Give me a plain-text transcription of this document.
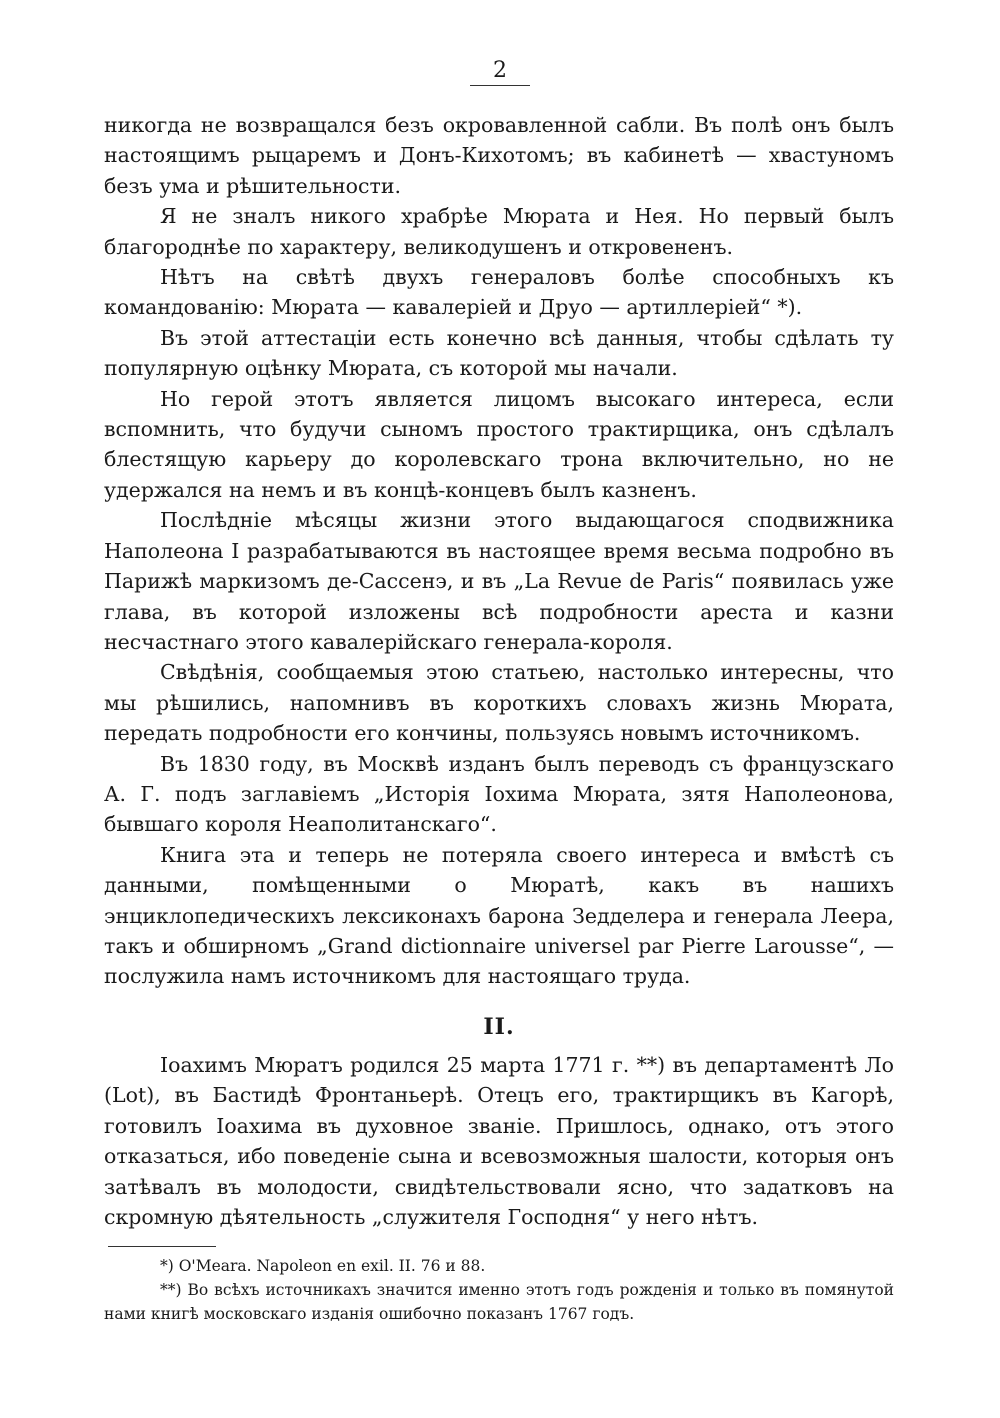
2

никогда не возвращался безъ окровавленной сабли. Въ полѣ онъ былъ настоящимъ рыцаремъ и Донъ-Кихотомъ; въ кабинетѣ — хвастуномъ безъ ума и рѣшительности.

Я не зналъ никого храбрѣе Мюрата и Нея. Но первый былъ благороднѣе по характеру, великодушенъ и откровененъ.

Нѣтъ на свѣтѣ двухъ генераловъ болѣе способныхъ къ командованію: Мюрата — кавалеріей и Друо — артиллеріей“ *).

Въ этой аттестаціи есть конечно всѣ данныя, чтобы сдѣлать ту популярную оцѣнку Мюрата, съ которой мы начали.

Но герой этотъ является лицомъ высокаго интереса, если вспомнить, что будучи сыномъ простого трактирщика, онъ сдѣлалъ блестящую карьеру до королевскаго трона включительно, но не удержался на немъ и въ концѣ-концевъ былъ казненъ.

Послѣдніе мѣсяцы жизни этого выдающагося сподвижника Наполеона I разрабатываются въ настоящее время весьма подробно въ Парижѣ маркизомъ де-Сассенэ, и въ „La Revue de Paris“ появилась уже глава, въ которой изложены всѣ подробности ареста и казни несчастнаго этого кавалерійскаго генерала-короля.

Свѣдѣнія, сообщаемыя этою статьею, настолько интересны, что мы рѣшились, напомнивъ въ короткихъ словахъ жизнь Мюрата, передать подробности его кончины, пользуясь новымъ источникомъ.

Въ 1830 году, въ Москвѣ изданъ былъ переводъ съ французскаго А. Г. подъ заглавіемъ „Исторія Іохима Мюрата, зятя Наполеонова, бывшаго короля Неаполитанскаго“.

Книга эта и теперь не потеряла своего интереса и вмѣстѣ съ данными, помѣщенными о Мюратѣ, какъ въ нашихъ энциклопедическихъ лексиконахъ барона Зедделера и генерала Леера, такъ и обширномъ „Grand dictionnaire universel par Pierre Larousse“, — послужила намъ источникомъ для настоящаго труда.

II.

Іоахимъ Мюратъ родился 25 марта 1771 г. **) въ департаментѣ Ло (Lot), въ Бастидѣ Фронтаньерѣ. Отецъ его, трактирщикъ въ Кагорѣ, готовилъ Іоахима въ духовное званіе. Пришлось, однако, отъ этого отказаться, ибо поведеніе сына и всевозможныя шалости, которыя онъ затѣвалъ въ молодости, свидѣтельствовали ясно, что задатковъ на скромную дѣятельность „служителя Господня“ у него нѣтъ.

*) O'Meara. Napoleon en exil. II. 76 и 88.

**) Во всѣхъ источникахъ значится именно этотъ годъ рожденія и только въ помянутой нами книгѣ московскаго изданія ошибочно показанъ 1767 годъ.
